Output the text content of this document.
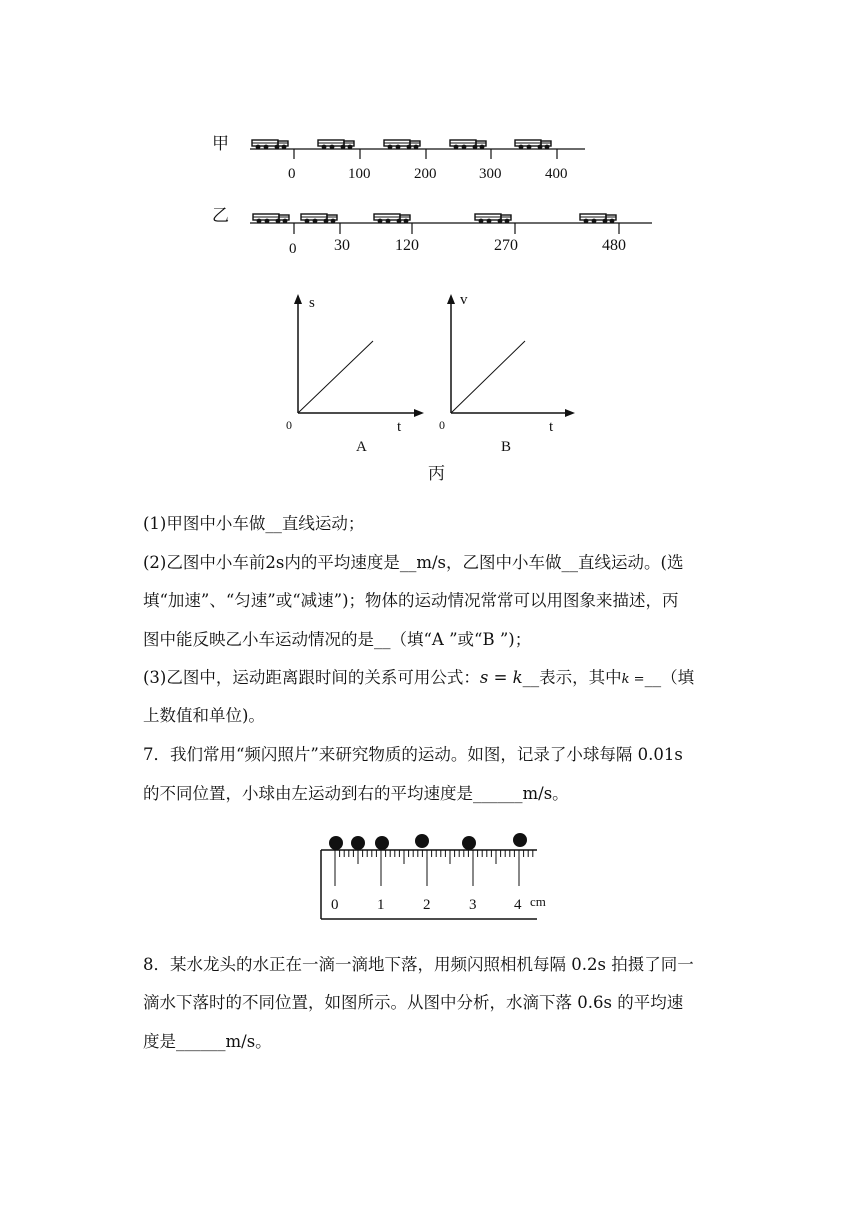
甲
0	100	200	300	400
乙
0 30	120	270	480
s
t
0
A
v
t
0
B
丙
(1)甲图中小车做__直线运动；
(2)乙图中小车前2s内的平均速度是__m/s，乙图中小车做__直线运动。(选
填“加速”、“匀速”或“减速”)；物体的运动情况常常可以用图象来描述，丙
图中能反映乙小车运动情况的是__（填“A ”或“B ”)；
(3)乙图中，运动距离跟时间的关系可用公式：s = k__表示，其中k =__（填
上数值和单位)。
7．我们常用“频闪照片”来研究物质的运动。如图，记录了小球每隔 0.01s
的不同位置，小球由左运动到右的平均速度是______m/s。
0	1	2	3	4 cm
8．某水龙头的水正在一滴一滴地下落，用频闪照相机每隔 0.2s 拍摄了同一
滴水下落时的不同位置，如图所示。从图中分析，水滴下落 0.6s 的平均速
度是______m/s。
